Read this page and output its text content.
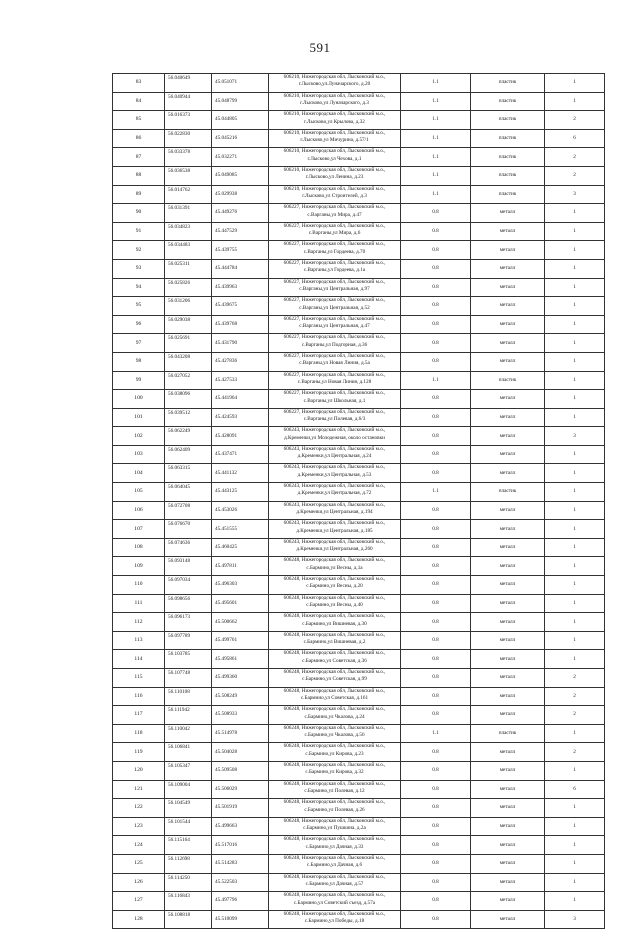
591
83	56.040649	45.051071	606210, Нижегородская обл, Лысковский м.о.,
г.Лысково,ул.Луначарского, д.20	1.1	пластик	1
84	56.040944	45.048799	606210, Нижегородская обл, Лысковский м.о.,
г.Лысково,ул Луначарского, д.3	1.1	пластик	1
85	56.016373	45.044805	606210, Нижегородская обл, Лысковский м.о.,
г.Лысково,ул Крылова, д.32	1.1	пластик	2
86	56.022830	45.045216	606210, Нижегородская обл, Лысковский м.о.,
г.Лысково,ул Мичурина, д.57/1	1.1	пластик	6
87	56.033378	45.032271	606210, Нижегородская обл, Лысковский м.о.,
г.Лысково,ул Чехова, д.1	1.1	пластик	2
88	56.036538	45.049085	606210, Нижегородская обл, Лысковский м.о.,
г.Лысково,ул Ленина, д.23	1.1	пластик	2
89	56.014762	45.029938	606210, Нижегородская обл, Лысковский м.о.,
г.Лысково,ул Строителей, д.3	1.1	пластик	3
90	56.031391	45.449276	606227, Нижегородская обл, Лысковский м.о.,
с.Варганы,ул Мира, д.47	0.8	металл	1
91	56.034823	45.447529	606227, Нижегородская обл, Лысковский м.о.,
с.Варганы,ул Мира, д.6	0.8	металл	1
92	56.034483	45.439755	606227, Нижегородская обл, Лысковский м.о.,
с.Варганы,ул Гордеева, д.70	0.8	металл	1
93	56.025311	45.444784	606227, Нижегородская обл, Лысковский м.о.,
с.Варганы,ул Гордеева, д.1а	0.8	металл	1
94	56.025826	45.439963	606227, Нижегородская обл, Лысковский м.о.,
с.Варганы,ул Центральная, д.97	0.8	металл	1
95	56.031206	45.439675	606227, Нижегородская обл, Лысковский м.о.,
с.Варганы,ул Центральная, д.52	0.8	металл	1
96	56.029038	45.439768	606227, Нижегородская обл, Лысковский м.о.,
с.Варганы,ул Центральная, д.47	0.8	металл	1
97	56.025691	45.431790	606227, Нижегородская обл, Лысковский м.о.,
с.Варганы,ул Подгорная, д.36	0.8	металл	1
98	56.043208	45.427836	606227, Нижегородская обл, Лысковский м.о.,
с.Варганы,ул Новая Линия, д.5а	0.8	металл	1
99	56.027052	45.427533	606227, Нижегородская обл, Лысковский м.о.,
с.Варганы,ул Новая Линия, д.128	1.1	пластик	1
100	56.038096	45.441964	606227, Нижегородская обл, Лысковский м.о.,
с.Варганы,ул Школьная, д.1	0.8	металл	1
101	56.039512	45.424593	606227, Нижегородская обл, Лысковский м.о.,
с.Варганы,ул Полевая, д.6/3	0.8	металл	1
102	56.062249	45.428091	606243, Нижегородская обл, Лысковский м.о.,
д.Кременки,ул Молодежная, около остановки	0.8	металл	3
103	56.062409	45.437471	606243, Нижегородская обл, Лысковский м.о.,
д.Кременки,ул Центральная, д.24	0.8	металл	1
104	56.063315	45.441132	606243, Нижегородская обл, Лысковский м.о.,
д.Кременки,ул Центральная, д.53	0.8	металл	1
105	56.064045	45.443125	606243, Нижегородская обл, Лысковский м.о.,
д.Кременки,ул Центральная, д.72	1.1	пластик	1
106	56.072708	45.453026	606243, Нижегородская обл, Лысковский м.о.,
д.Кременки,ул Центральная, д.194	0.8	металл	1
107	56.076670	45.451555	606243, Нижегородская обл, Лысковский м.о.,
д.Кременки,ул Центральная, д.185	0.8	металл	1
108	56.074636	45.460425	606243, Нижегородская обл, Лысковский м.о.,
д.Кременки,ул Центральная, д.260	0.8	металл	1
109	56.093148	45.497811	606248, Нижегородская обл, Лысковский м.о.,
с.Бармино,ул Весны, д.1а	0.8	металл	1
110	56.097034	45.496303	606248, Нижегородская обл, Лысковский м.о.,
с.Бармино,ул Весны, д.20	0.8	металл	1
111	56.098656	45.495601	606248, Нижегородская обл, Лысковский м.о.,
с.Бармино,ул Весны, д.40	0.8	металл	1
112	56.096173	45.500662	606248, Нижегородская обл, Лысковский м.о.,
с.Бармино,ул Вишневая, д.30	0.8	металл	1
113	56.097789	45.499761	606248, Нижегородская обл, Лысковский м.о.,
с.Бармино,ул Вишневая, д.2	0.8	металл	1
114	56.103785	45.495861	606248, Нижегородская обл, Лысковский м.о.,
с.Бармино,ул Советская, д.36	0.8	металл	1
115	56.107748	45.499360	606248, Нижегородская обл, Лысковский м.о.,
с.Бармино,ул Советская, д.99	0.8	металл	2
116	56.110108	45.508249	606248, Нижегородская обл, Лысковский м.о.,
с.Бармино,ул Советская, д.161	0.8	металл	2
117	56.111942	45.508933	606248, Нижегородская обл, Лысковский м.о.,
с.Бармино,ул Чкалова, д.24	0.8	металл	2
118	56.110042	45.514978	606248, Нижегородская обл, Лысковский м.о.,
с.Бармино,ул Чкалова, д.56	1.1	пластик	1
119	56.106841	45.504028	606248, Нижегородская обл, Лысковский м.о.,
с.Бармино,ул Кирова, д.23	0.8	металл	2
120	56.105347	45.509508	606248, Нижегородская обл, Лысковский м.о.,
с.Бармино,ул Кирова, д.32	0.8	металл	1
121	56.109004	45.506029	606248, Нижегородская обл, Лысковский м.о.,
с.Бармино,ул Полевая, д.12	0.8	металл	6
122	56.104549	45.501919	606248, Нижегородская обл, Лысковский м.о.,
с.Бармино,ул Полевая, д.26	0.8	металл	1
123	56.101544	45.499663	606248, Нижегородская обл, Лысковский м.о.,
с.Бармино,ул Пушкина, д.2а	0.8	металл	1
124	56.115164	45.517016	606248, Нижегородская обл, Лысковский м.о.,
с.Бармино,ул Дачная, д.33	0.8	металл	1
125	56.112698	45.514283	606248, Нижегородская обл, Лысковский м.о.,
с.Бармино,ул Дачная, д.6	0.8	металл	1
126	56.114250	45.522503	606248, Нижегородская обл, Лысковский м.о.,
с.Бармино,ул Дачная, д.57	0.8	металл	1
127	56.116843	45.497796	606248, Нижегородская обл, Лысковский м.о.,
с.Бармино,ул Советский съезд, д.57а	0.8	металл	1
128	56.108818	45.510099	606248, Нижегородская обл, Лысковский м.о.,
с.Бармино,ул Победы, д.18	0.8	металл	3
